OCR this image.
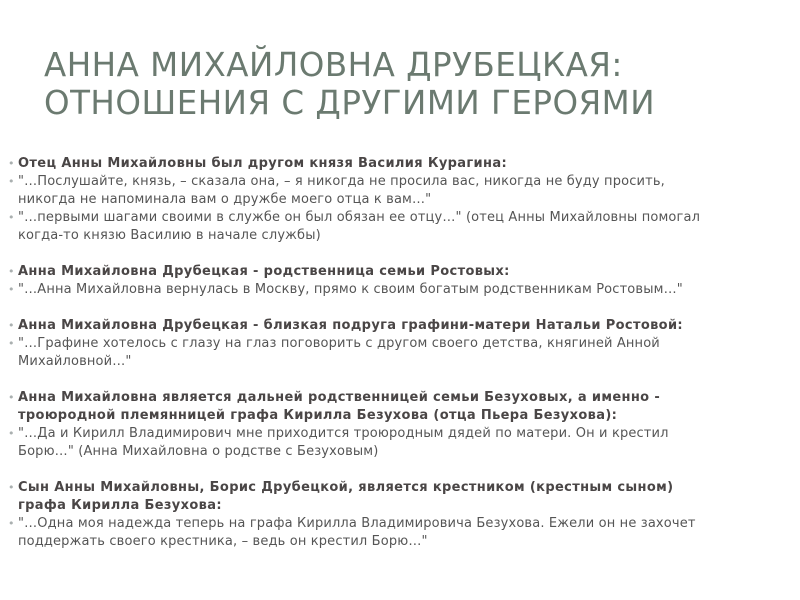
АННА МИХАЙЛОВНА ДРУБЕЦКАЯ:
ОТНОШЕНИЯ С ДРУГИМИ ГЕРОЯМИ
• Отец Анны Михайловны был другом князя Василия Курагина:
• "…Послушайте, князь, – сказала она, – я никогда не просила вас, никогда не буду просить,
никогда не напоминала вам о дружбе моего отца к вам…"
• "…первыми шагами своими в службе он был обязан ее отцу…" (отец Анны Михайловны помогал
когда-то князю Василию в начале службы)
• Анна Михайловна Друбецкая - родственница семьи Ростовых:
• "…Анна Михайловна вернулась в Москву, прямо к своим богатым родственникам Ростовым…"
• Анна Михайловна Друбецкая - близкая подруга графини-матери Натальи Ростовой:
• "…Графине хотелось с глазу на глаз поговорить с другом своего детства, княгиней Анной
Михайловной…"
• Анна Михайловна является дальней родственницей семьи Безуховых, а именно -
троюродной племянницей графа Кирилла Безухова (отца Пьера Безухова):
• "…Да и Кирилл Владимирович мне приходится троюродным дядей по матери. Он и крестил
Борю…" (Анна Михайловна о родстве с Безуховым)
• Сын Анны Михайловны, Борис Друбецкой, является крестником (крестным сыном)
графа Кирилла Безухова:
• "…Одна моя надежда теперь на графа Кирилла Владимировича Безухова. Ежели он не захочет
поддержать своего крестника, – ведь он крестил Борю…"
